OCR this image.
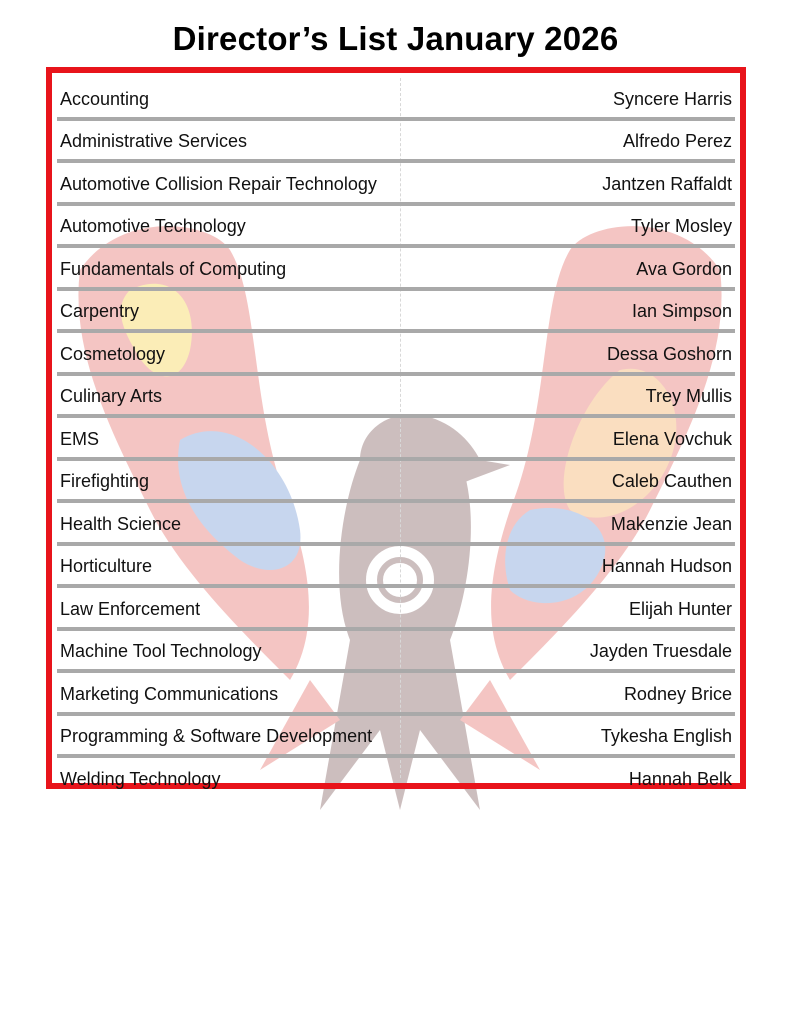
Director’s List January 2026
Accounting	Syncere Harris
Administrative Services	Alfredo Perez
Automotive Collision Repair Technology	Jantzen Raffaldt
Automotive Technology	Tyler Mosley
Fundamentals of Computing	Ava Gordon
Carpentry	Ian Simpson
Cosmetology	Dessa Goshorn
Culinary Arts	Trey Mullis
EMS	Elena Vovchuk
Firefighting	Caleb Cauthen
Health Science	Makenzie Jean
Horticulture	Hannah Hudson
Law Enforcement	Elijah Hunter
Machine Tool Technology	Jayden Truesdale
Marketing Communications	Rodney Brice
Programming & Software Development	Tykesha English
Welding Technology	Hannah Belk
